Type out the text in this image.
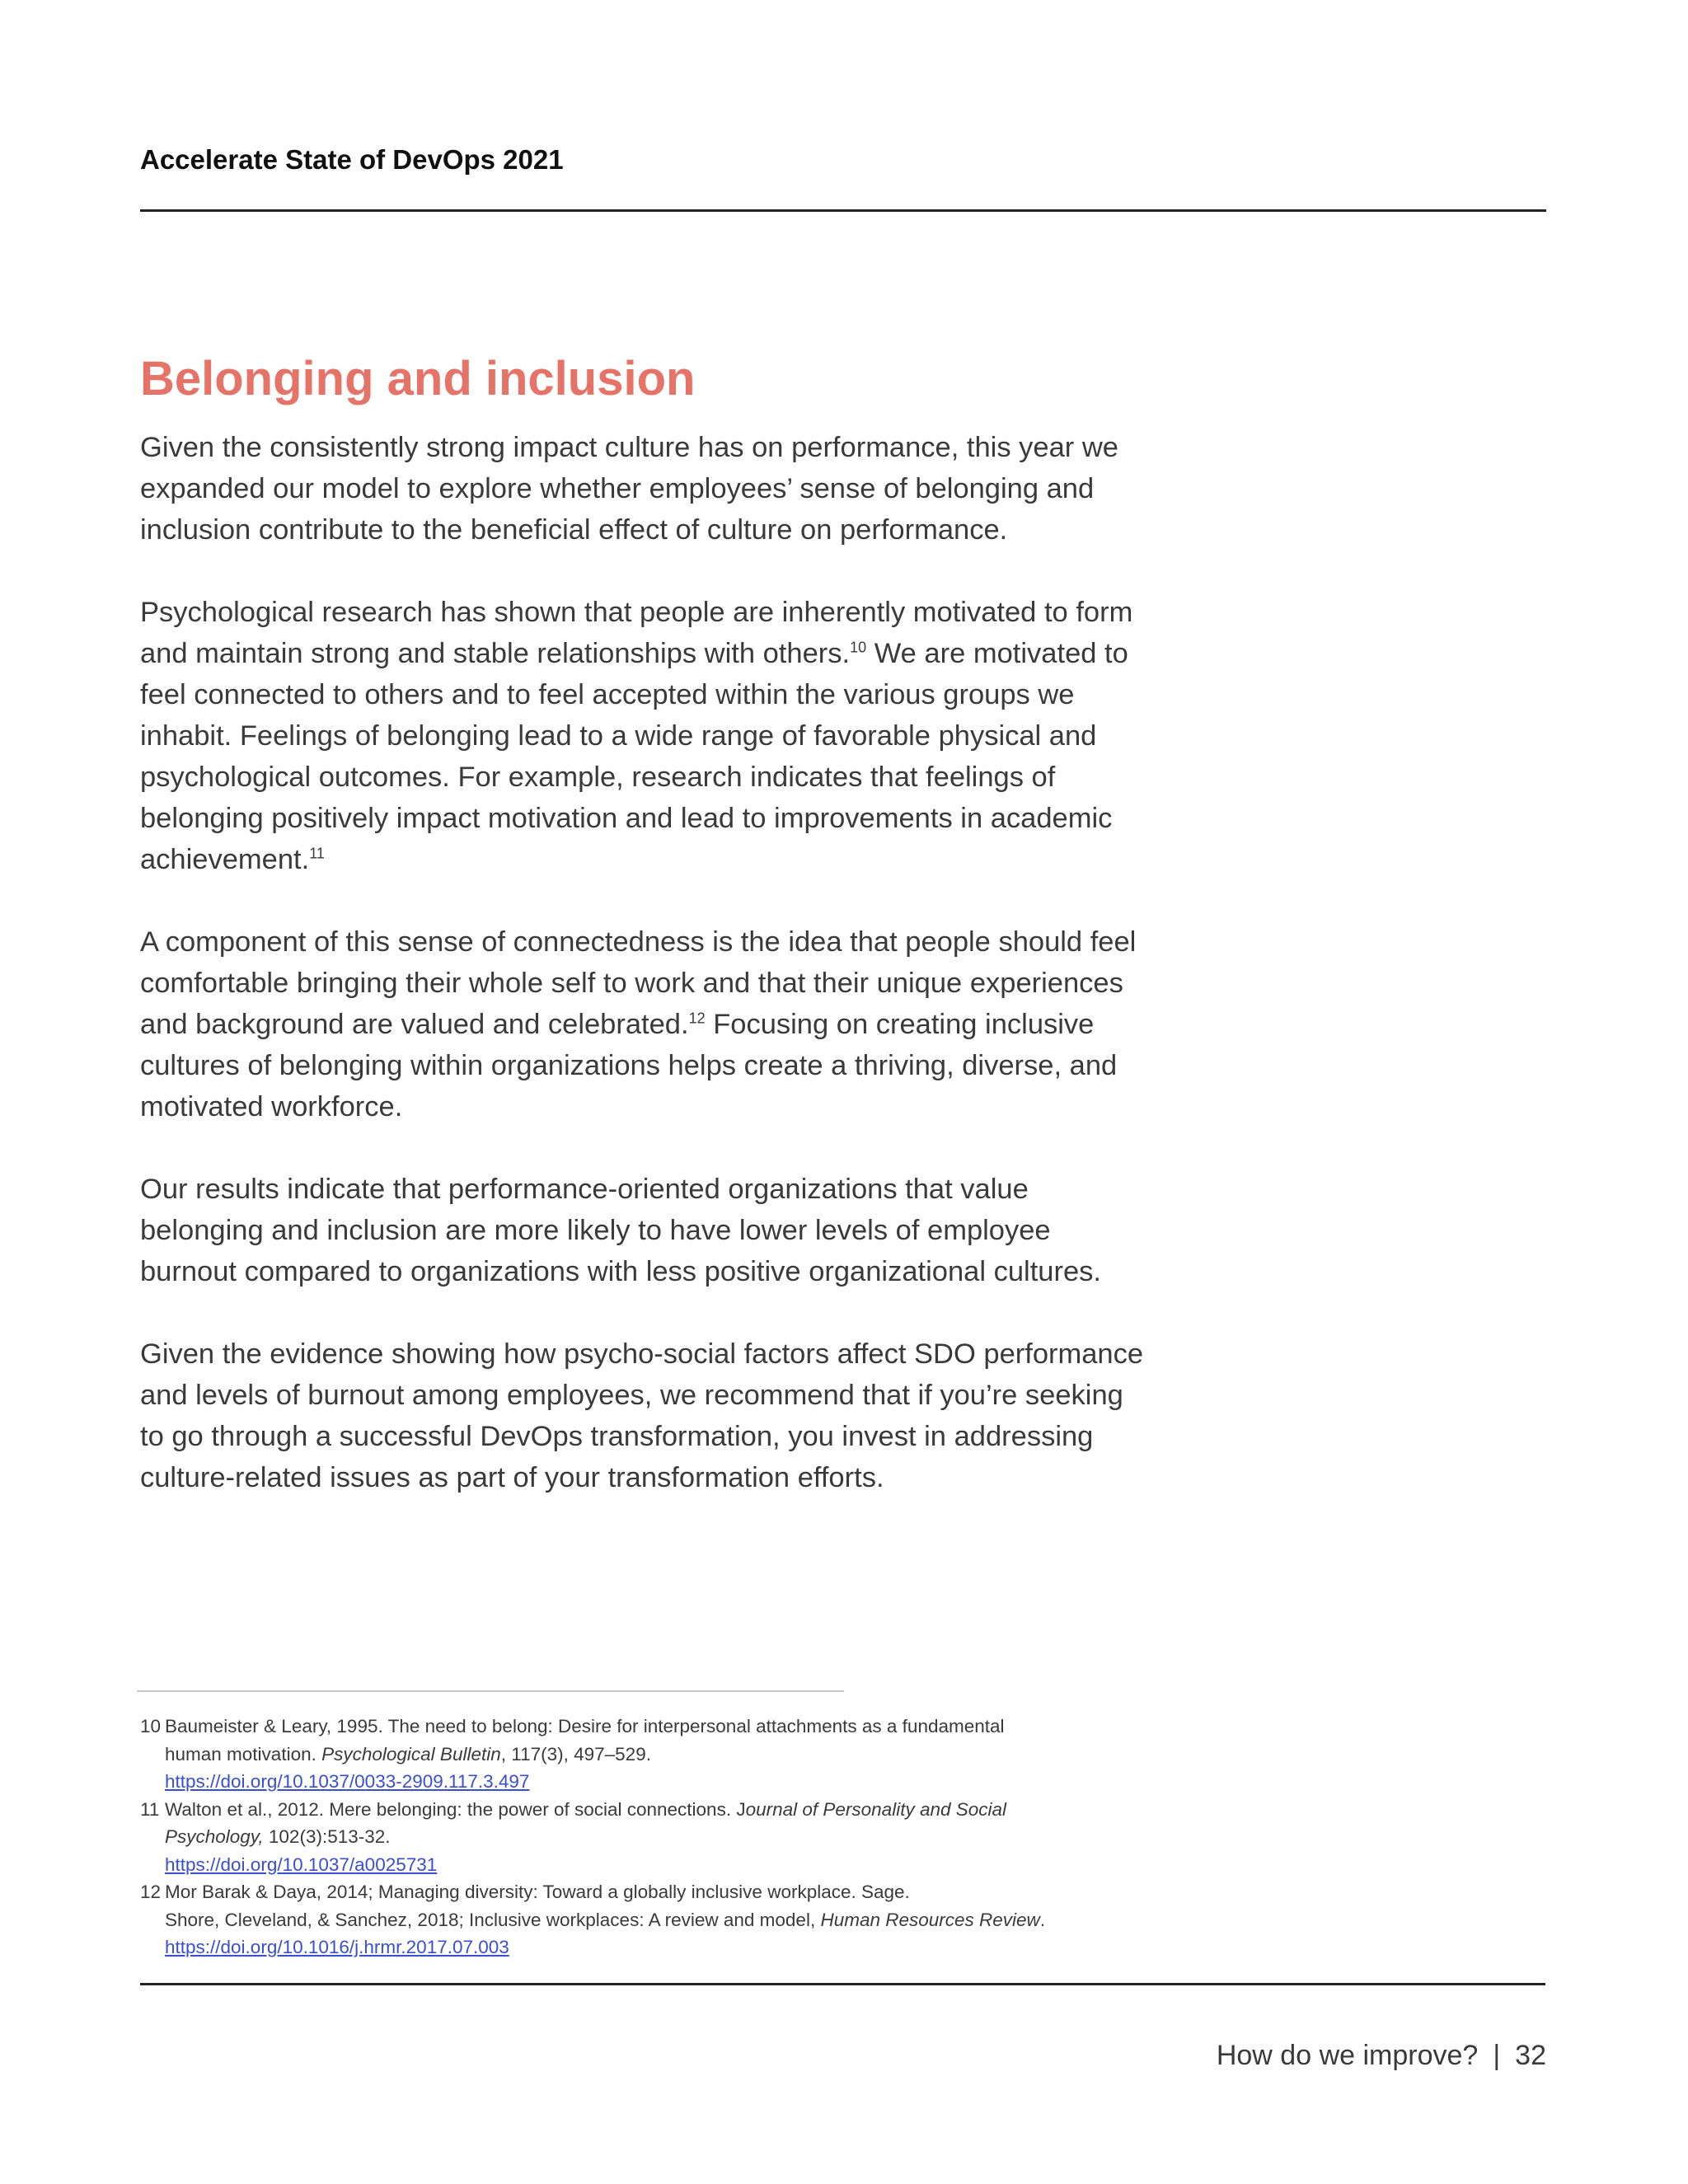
Accelerate State of DevOps 2021
Belonging and inclusion

Given the consistently strong impact culture has on performance, this year we expanded our model to explore whether employees’ sense of belonging and inclusion contribute to the beneficial effect of culture on performance.

Psychological research has shown that people are inherently motivated to form and maintain strong and stable relationships with others.$^{10}$ We are motivated to feel connected to others and to feel accepted within the various groups we inhabit. Feelings of belonging lead to a wide range of favorable physical and psychological outcomes. For example, research indicates that feelings of belonging positively impact motivation and lead to improvements in academic achievement.$^{11}$

A component of this sense of connectedness is the idea that people should feel comfortable bringing their whole self to work and that their unique experiences and background are valued and celebrated.$^{12}$ Focusing on creating inclusive cultures of belonging within organizations helps create a thriving, diverse, and motivated workforce.

Our results indicate that performance-oriented organizations that value belonging and inclusion are more likely to have lower levels of employee burnout compared to organizations with less positive organizational cultures.

Given the evidence showing how psycho-social factors affect SDO performance and levels of burnout among employees, we recommend that if you’re seeking to go through a successful DevOps transformation, you invest in addressing culture-related issues as part of your transformation efforts.

10 Baumeister & Leary, 1995. The need to belong: Desire for interpersonal attachments as a fundamental
human motivation. Psychological Bulletin, 117(3), 497–529.
https://doi.org/10.1037/0033-2909.117.3.497
11 Walton et al., 2012. Mere belonging: the power of social connections. Journal of Personality and Social
Psychology, 102(3):513-32.
https://doi.org/10.1037/a0025731
12 Mor Barak & Daya, 2014; Managing diversity: Toward a globally inclusive workplace. Sage.
Shore, Cleveland, & Sanchez, 2018; Inclusive workplaces: A review and model, Human Resources Review.
https://doi.org/10.1016/j.hrmr.2017.07.003
How do we improve? | 32
